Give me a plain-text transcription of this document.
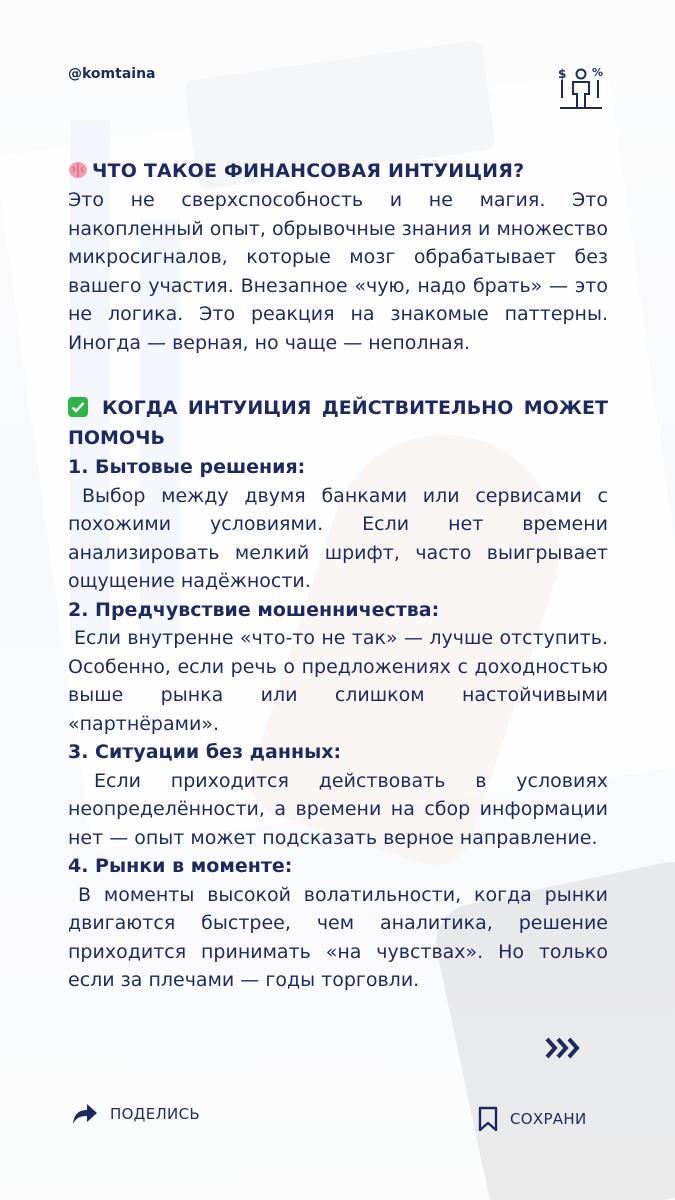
@komtaina	$ %
ЧТО ТАКОЕ ФИНАНСОВАЯ ИНТУИЦИЯ?
Это не сверхспособность и не магия. Это накопленный опыт, обрывочные знания и множество микросигналов, которые мозг обрабатывает без вашего участия. Внезапное «чую, надо брать» — это не логика. Это реакция на знакомые паттерны. Иногда — верная, но чаще — неполная.
КОГДА ИНТУИЦИЯ ДЕЙСТВИТЕЛЬНО МОЖЕТ ПОМОЧЬ
1. Бытовые решения:
Выбор между двумя банками или сервисами с похожими условиями. Если нет времени анализировать мелкий шрифт, часто выигрывает ощущение надёжности.
2. Предчувствие мошенничества:
Если внутренне «что-то не так» — лучше отступить. Особенно, если речь о предложениях с доходностью выше рынка или слишком настойчивыми «партнёрами».
3. Ситуации без данных:
Если приходится действовать в условиях неопределённости, а времени на сбор информации нет — опыт может подсказать верное направление.
4. Рынки в моменте:
В моменты высокой волатильности, когда рынки двигаются быстрее, чем аналитика, решение приходится принимать «на чувствах». Но только если за плечами — годы торговли.
ПОДЕЛИСЬ	СОХРАНИ
